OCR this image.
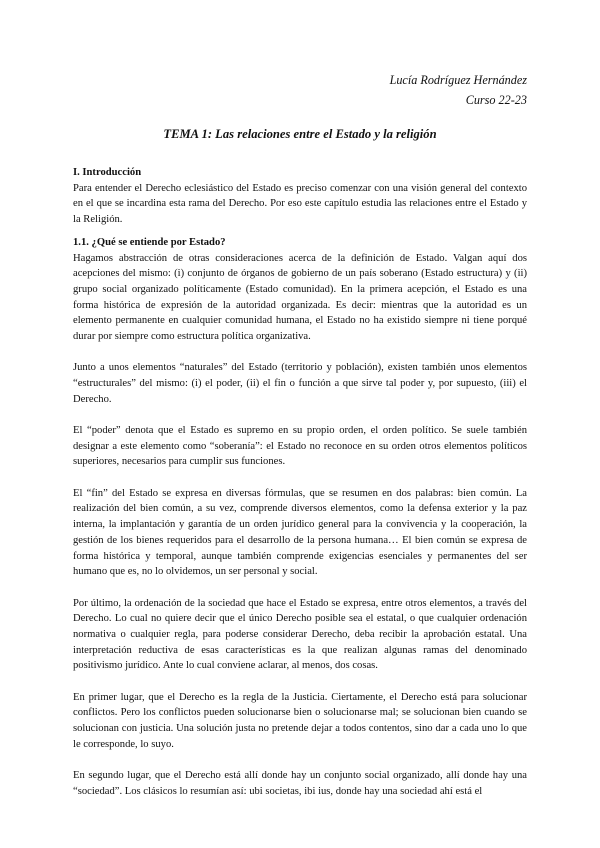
Lucía Rodríguez Hernández
Curso 22-23
TEMA 1: Las relaciones entre el Estado y la religión
I. Introducción

Para entender el Derecho eclesiástico del Estado es preciso comenzar con una visión general del contexto en el que se incardina esta rama del Derecho. Por eso este capítulo estudia las relaciones entre el Estado y la Religión.

1.1. ¿Qué se entiende por Estado?

Hagamos abstracción de otras consideraciones acerca de la definición de Estado. Valgan aquí dos acepciones del mismo: (i) conjunto de órganos de gobierno de un país soberano (Estado estructura) y (ii) grupo social organizado políticamente (Estado comunidad). En la primera acepción, el Estado es una forma histórica de expresión de la autoridad organizada. Es decir: mientras que la autoridad es un elemento permanente en cualquier comunidad humana, el Estado no ha existido siempre ni tiene porqué durar por siempre como estructura política organizativa.

Junto a unos elementos “naturales” del Estado (territorio y población), existen también unos elementos “estructurales” del mismo: (i) el poder, (ii) el fin o función a que sirve tal poder y, por supuesto, (iii) el Derecho.

El “poder” denota que el Estado es supremo en su propio orden, el orden político. Se suele también designar a este elemento como “soberanía”: el Estado no reconoce en su orden otros elementos políticos superiores, necesarios para cumplir sus funciones.

El “fin” del Estado se expresa en diversas fórmulas, que se resumen en dos palabras: bien común. La realización del bien común, a su vez, comprende diversos elementos, como la defensa exterior y la paz interna, la implantación y garantía de un orden jurídico general para la convivencia y la cooperación, la gestión de los bienes requeridos para el desarrollo de la persona humana… El bien común se expresa de forma histórica y temporal, aunque también comprende exigencias esenciales y permanentes del ser humano que es, no lo olvidemos, un ser personal y social.

Por último, la ordenación de la sociedad que hace el Estado se expresa, entre otros elementos, a través del Derecho. Lo cual no quiere decir que el único Derecho posible sea el estatal, o que cualquier ordenación normativa o cualquier regla, para poderse considerar Derecho, deba recibir la aprobación estatal. Una interpretación reductiva de esas características es la que realizan algunas ramas del denominado positivismo jurídico. Ante lo cual conviene aclarar, al menos, dos cosas.

En primer lugar, que el Derecho es la regla de la Justicia. Ciertamente, el Derecho está para solucionar conflictos. Pero los conflictos pueden solucionarse bien o solucionarse mal; se solucionan bien cuando se solucionan con justicia. Una solución justa no pretende dejar a todos contentos, sino dar a cada uno lo que le corresponde, lo suyo.

En segundo lugar, que el Derecho está allí donde hay un conjunto social organizado, allí donde hay una “sociedad”. Los clásicos lo resumían así: ubi societas, ibi ius, donde hay una sociedad ahí está el
